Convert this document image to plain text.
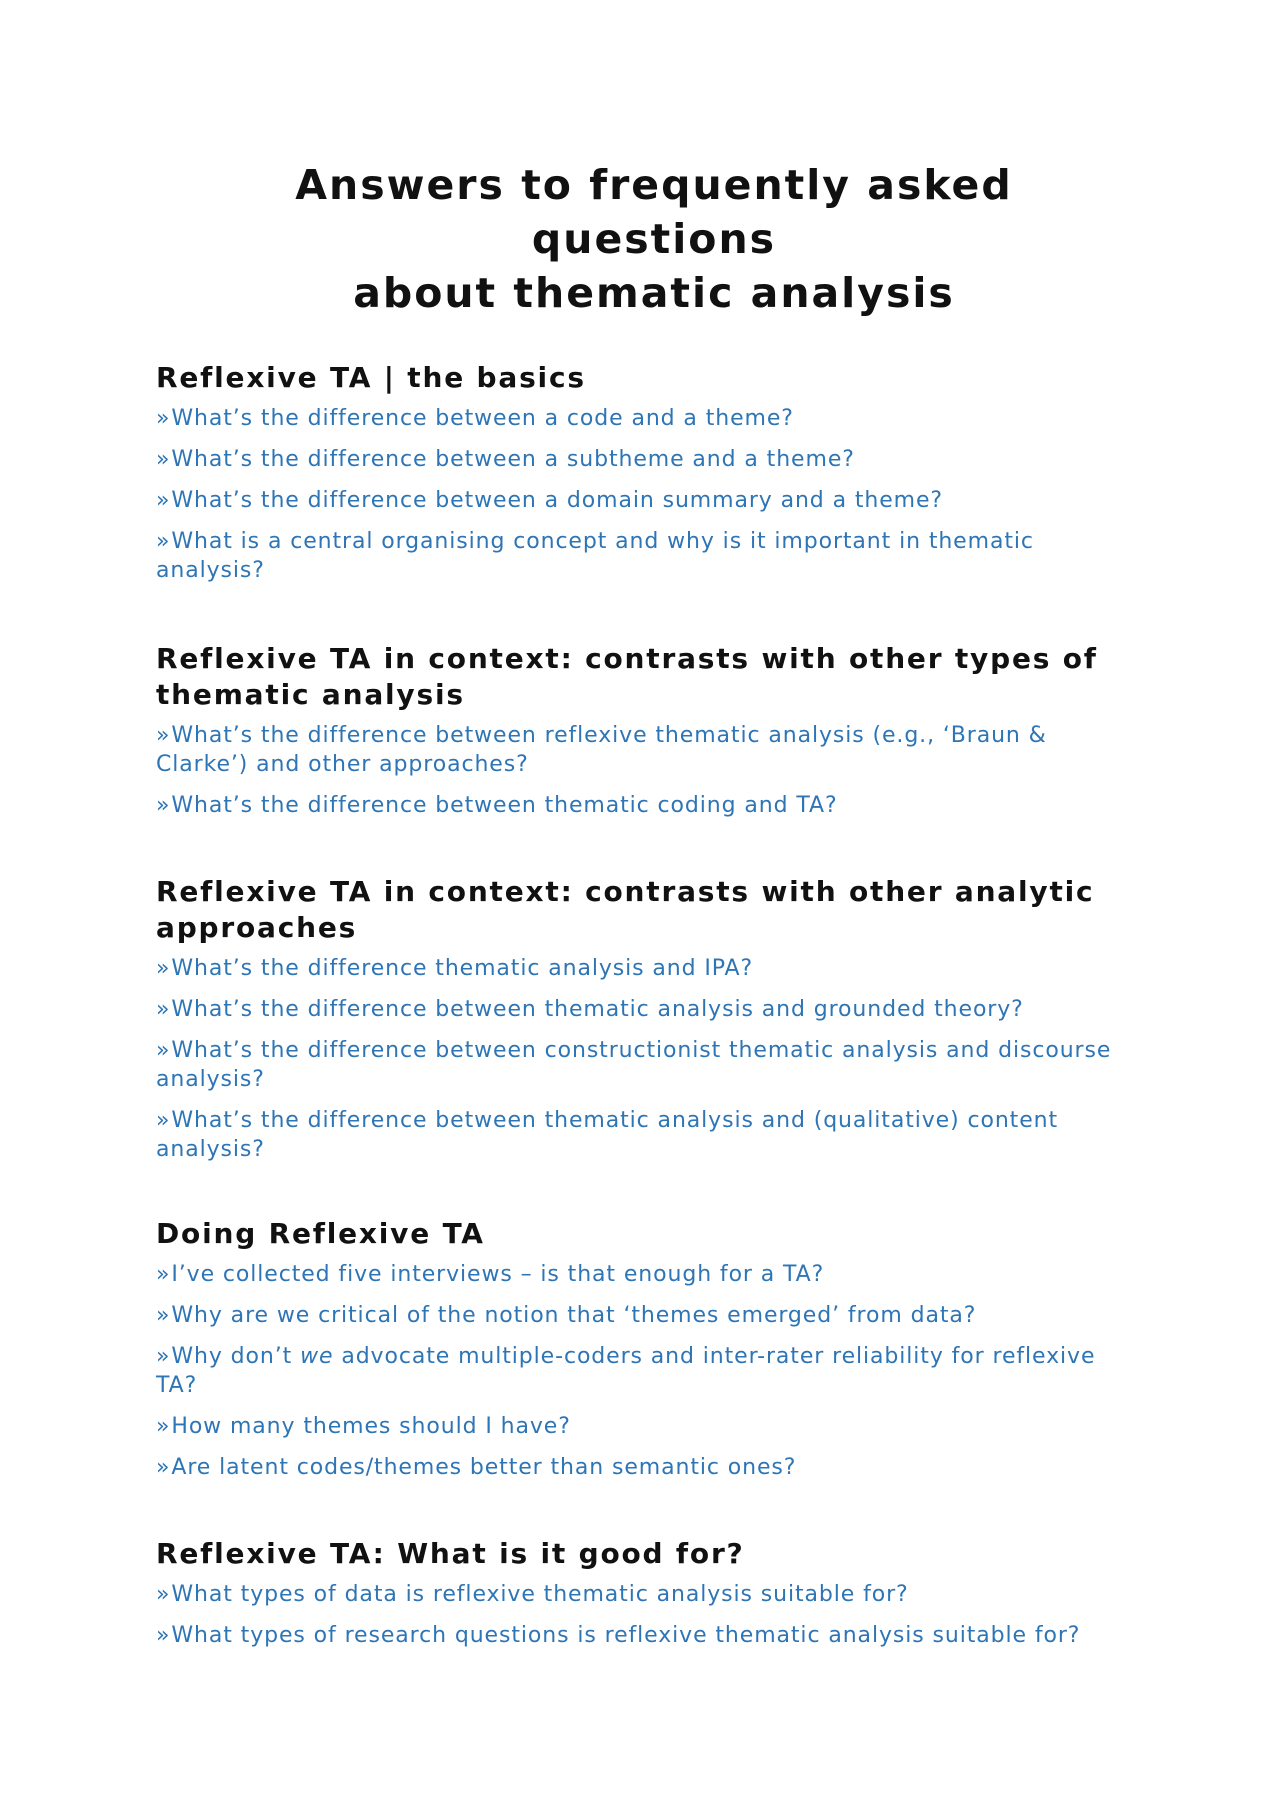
Answers to frequently asked questions
about thematic analysis
Reflexive TA | the basics
»What’s the difference between a code and a theme?
»What’s the difference between a subtheme and a theme?
»What’s the difference between a domain summary and a theme?
»What is a central organising concept and why is it important in thematic analysis?
Reflexive TA in context: contrasts with other types of thematic analysis
»What’s the difference between reflexive thematic analysis (e.g., ‘Braun & Clarke’) and other approaches?
»What’s the difference between thematic coding and TA?
Reflexive TA in context: contrasts with other analytic approaches
»What’s the difference thematic analysis and IPA?
»What’s the difference between thematic analysis and grounded theory?
»What’s the difference between constructionist thematic analysis and discourse analysis?
»What’s the difference between thematic analysis and (qualitative) content analysis?
Doing Reflexive TA
»I’ve collected five interviews – is that enough for a TA?
»Why are we critical of the notion that ‘themes emerged’ from data?
»Why don’t we advocate multiple-coders and inter-rater reliability for reflexive TA?
»How many themes should I have?
»Are latent codes/themes better than semantic ones?
Reflexive TA: What is it good for?
»What types of data is reflexive thematic analysis suitable for?
»What types of research questions is reflexive thematic analysis suitable for?
